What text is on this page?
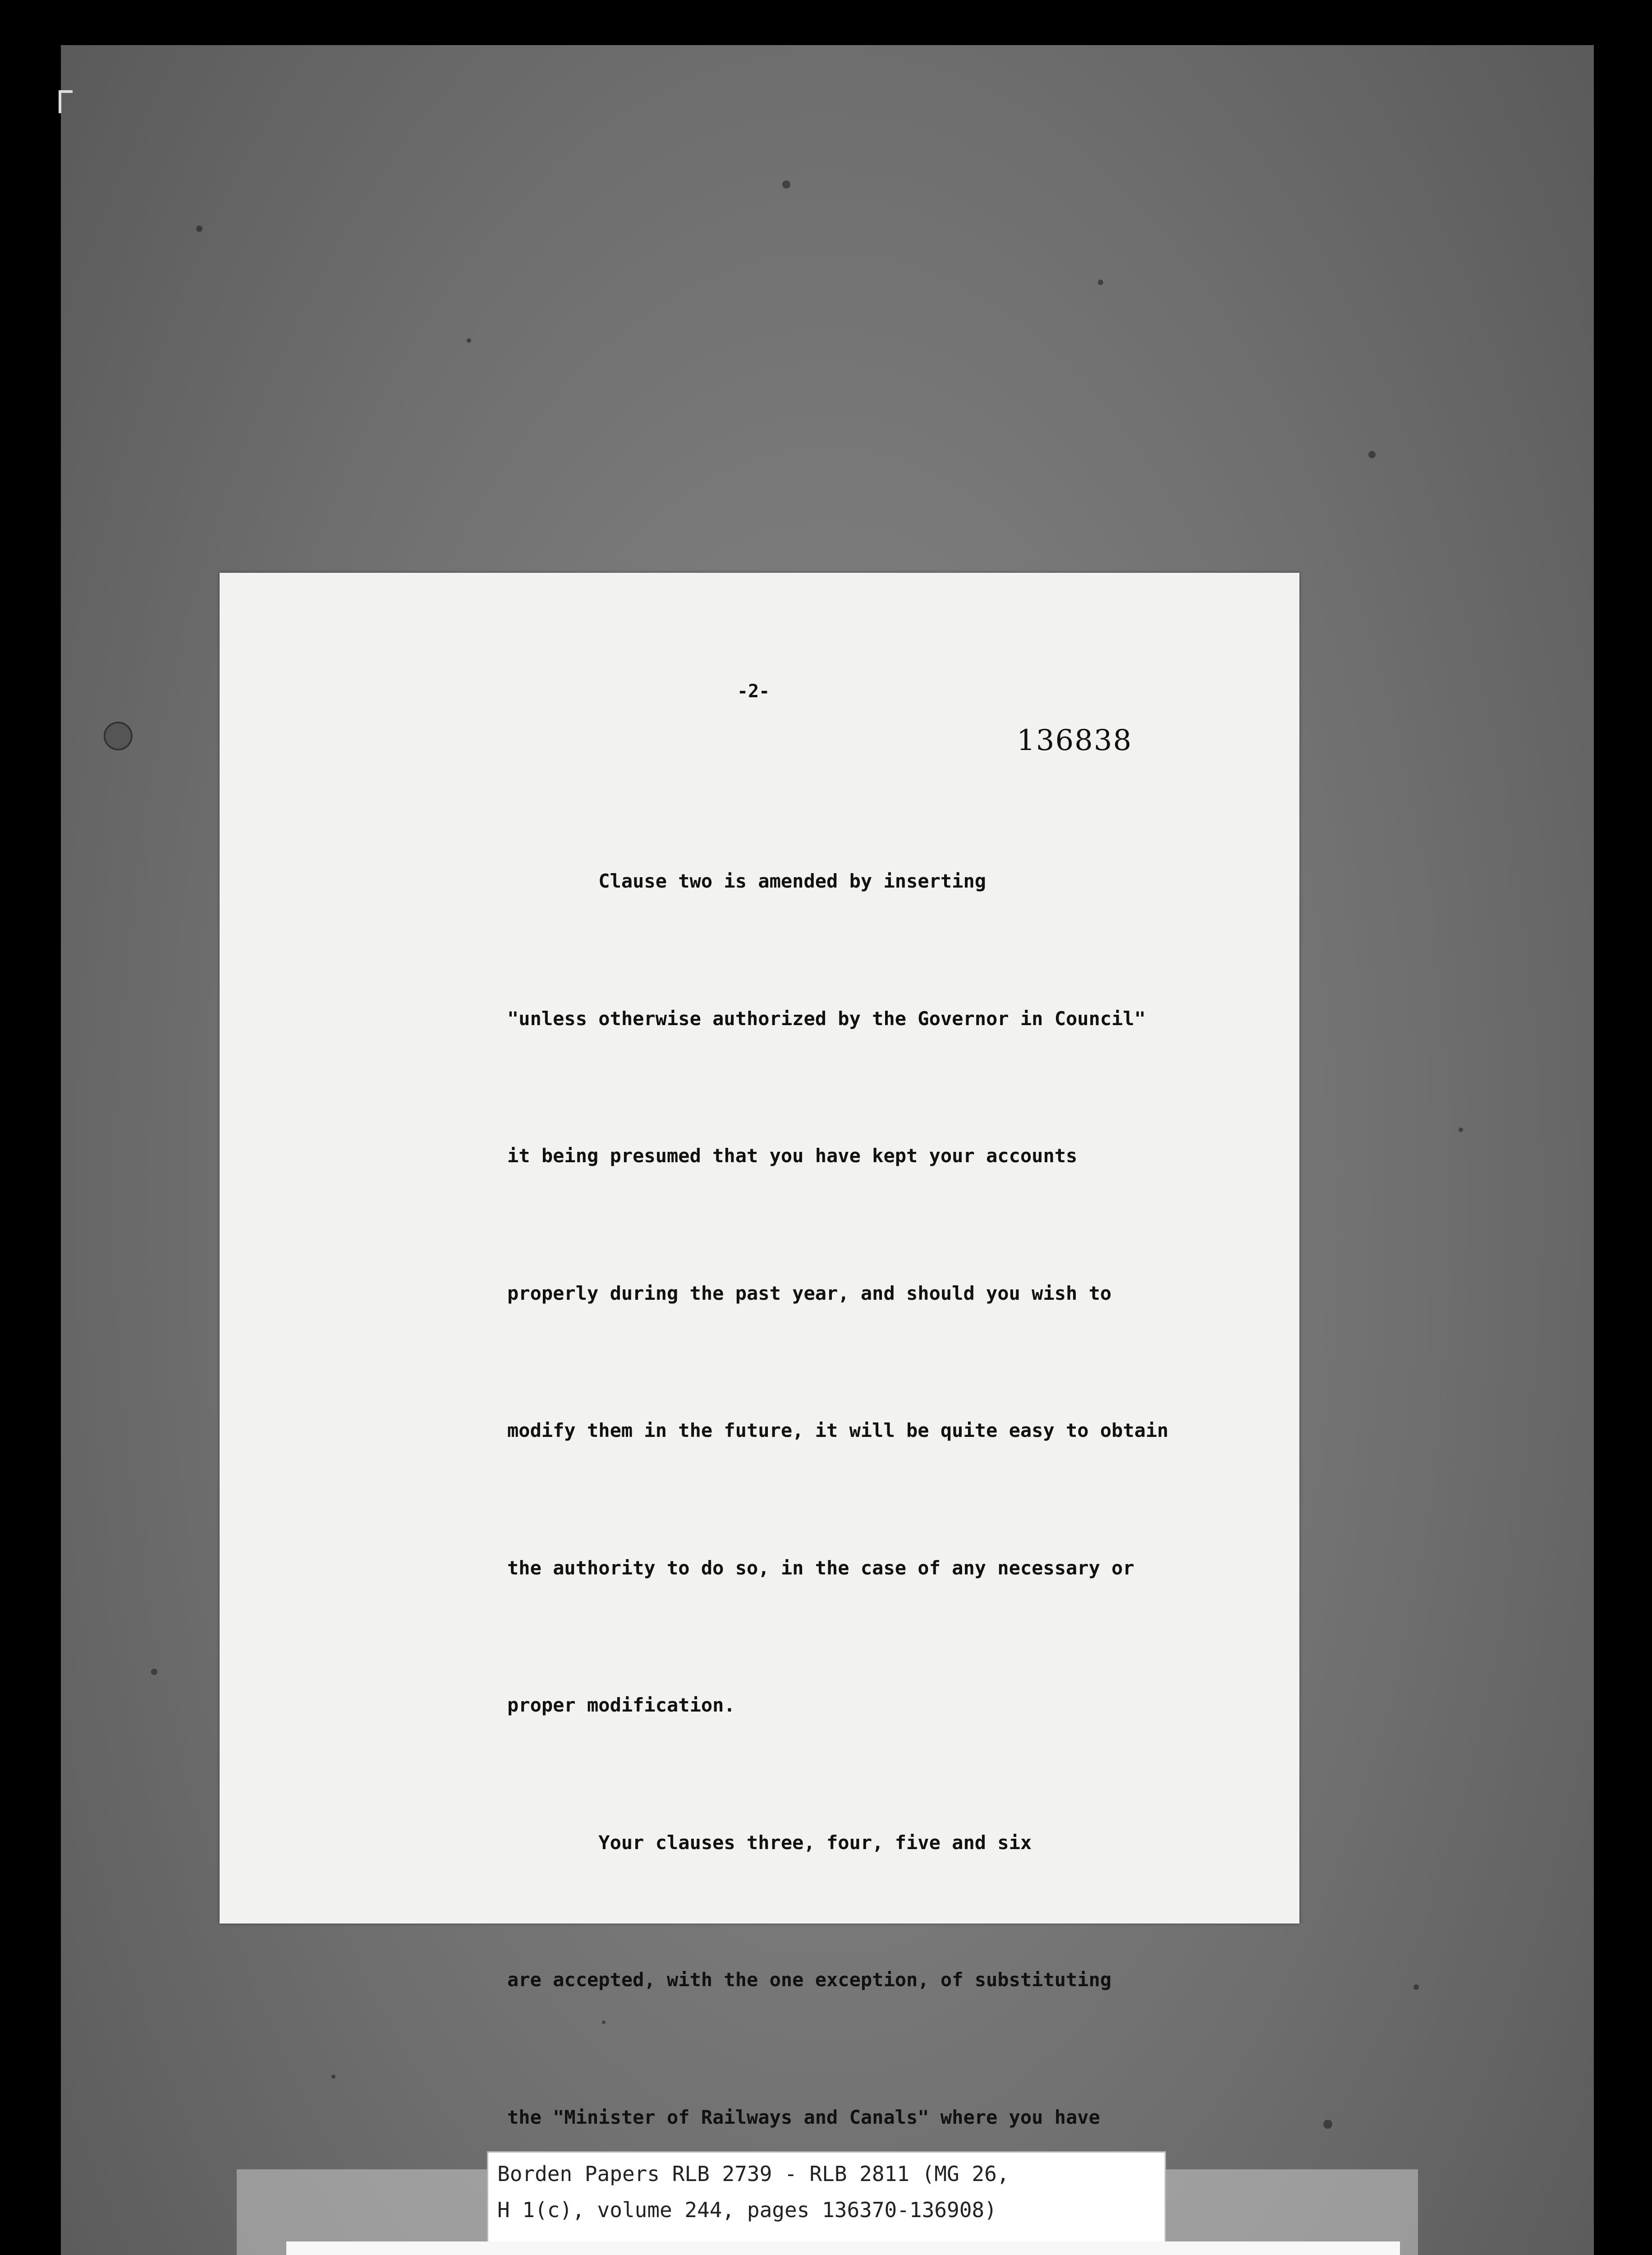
-2-
136838

Clause two is amended by inserting

"unless otherwise authorized by the Governor in Council"

it being presumed that you have kept your accounts

properly during the past year, and should you wish to

modify them in the future, it will be quite easy to obtain

the authority to do so, in the case of any necessary or

proper modification.

Your clauses three, four, five and six

are accepted, with the one exception, of substituting

the "Minister of Railways and Canals" where you have

Borden Papers RLB 2739 - RLB 2811 (MG 26,
H 1(c), volume 244, pages 136370-136908)
